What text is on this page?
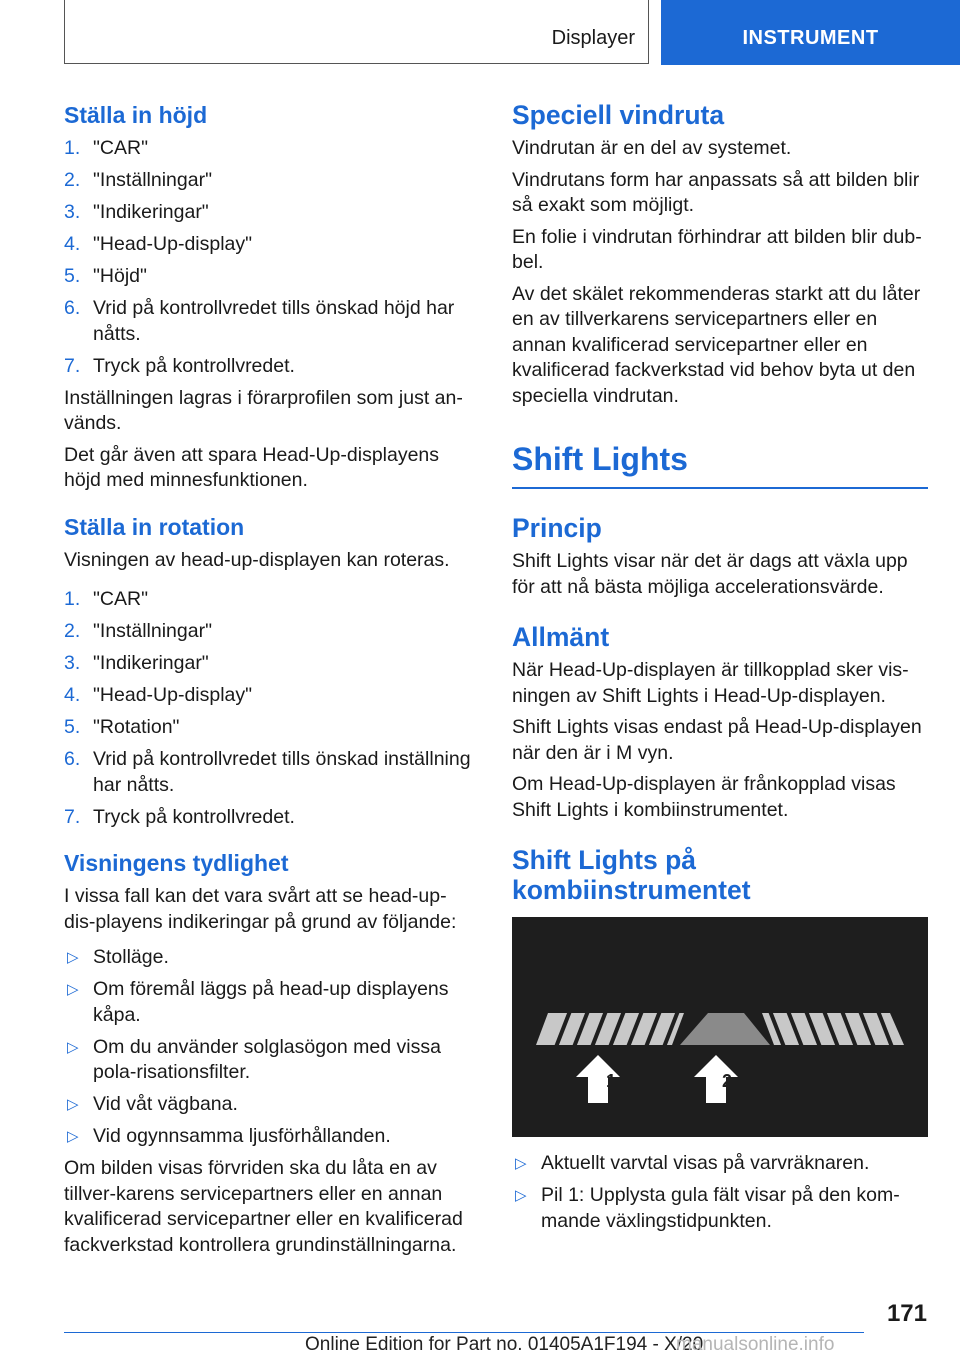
Displayer	INSTRUMENT
Ställa in höjd
1. "CAR"
2. "Inställningar"
3. "Indikeringar"
4. "Head-Up-display"
5. "Höjd"
6. Vrid på kontrollvredet tills önskad höjd har nåtts.
7. Tryck på kontrollvredet.

Inställningen lagras i förarprofilen som just an-vänds.

Det går även att spara Head-Up-displayens höjd med minnesfunktionen.

Ställa in rotation

Visningen av head-up-displayen kan roteras.

1. "CAR"
2. "Inställningar"
3. "Indikeringar"
4. "Head-Up-display"
5. "Rotation"
6. Vrid på kontrollvredet tills önskad inställning har nåtts.
7. Tryck på kontrollvredet.
Visningens tydlighet

I vissa fall kan det vara svårt att se head-up-dis-playens indikeringar på grund av följande:

▷ Stolläge.
▷ Om föremål läggs på head-up displayens kåpa.
▷ Om du använder solglasögon med vissa pola-risationsfilter.
▷ Vid våt vägbana.
▷ Vid ogynnsamma ljusförhållanden.

Om bilden visas förvriden ska du låta en av tillver-karens servicepartners eller en annan kvalificerad servicepartner eller en kvalificerad fackverkstad kontrollera grundinställningarna.

Speciell vindruta

Vindrutan är en del av systemet.

Vindrutans form har anpassats så att bilden blir så exakt som möjligt.

En folie i vindrutan förhindrar att bilden blir dub-bel.

Av det skälet rekommenderas starkt att du låter en av tillverkarens servicepartners eller en annan kvalificerad servicepartner eller en kvalificerad fackverkstad vid behov byta ut den speciella vindrutan.

Shift Lights
Princip

Shift Lights visar när det är dags att växla upp för att nå bästa möjliga accelerationsvärde.

Allmänt

När Head-Up-displayen är tillkopplad sker vis-ningen av Shift Lights i Head-Up-displayen.

Shift Lights visas endast på Head-Up-displayen när den är i M vyn.

Om Head-Up-displayen är frånkopplad visas Shift Lights i kombiinstrumentet.

Shift Lights på kombiinstrumentet
1	2
▷ Aktuellt varvtal visas på varvräknaren.
▷ Pil 1: Upplysta gula fält visar på den kom-mande växlingstidpunkten.
171
Online Edition for Part no. 01405A1F194 - X/20
manualsonline.info
